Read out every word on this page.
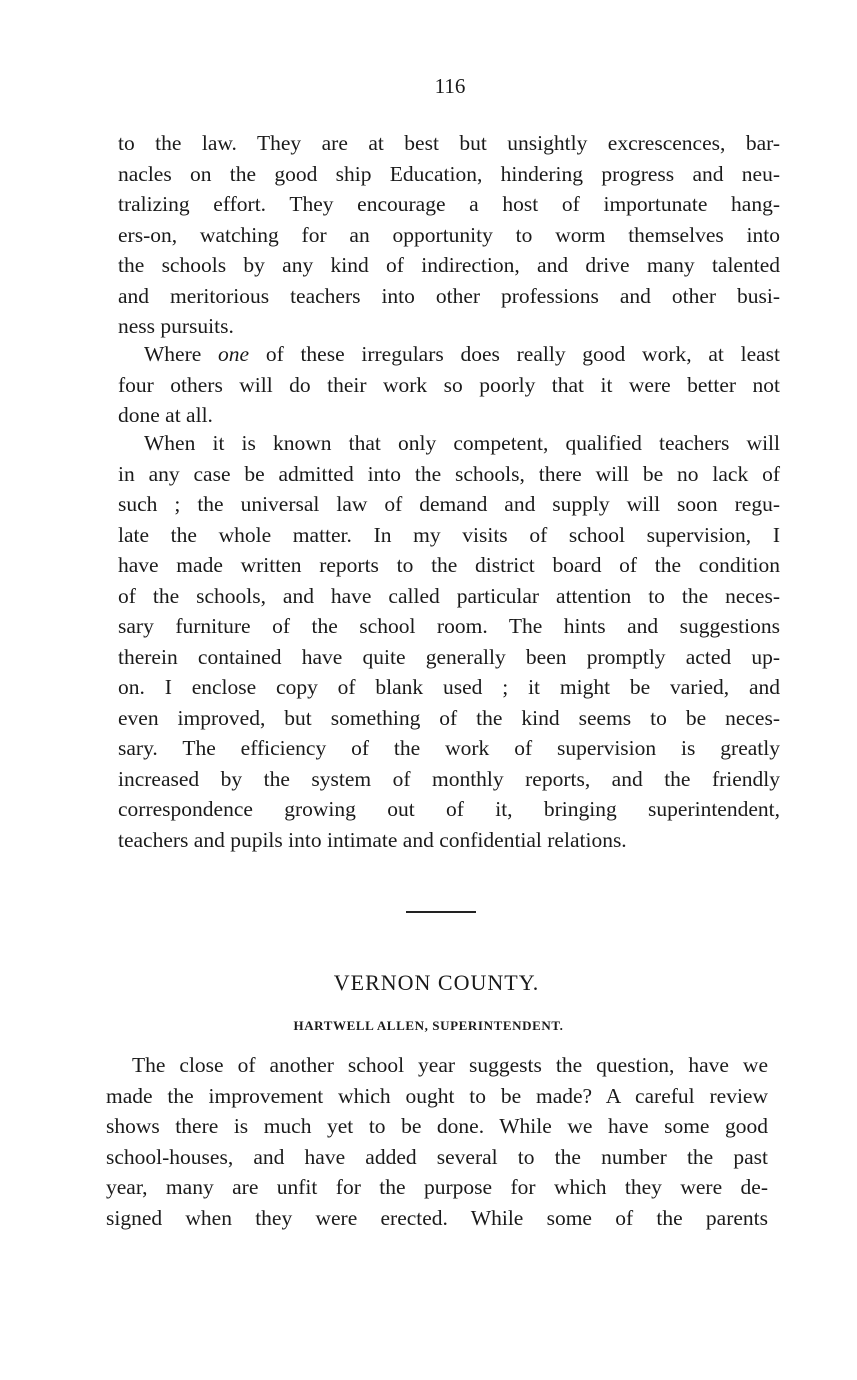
116
to the law. They are at best but unsightly excrescences, bar-
nacles on the good ship Education, hindering progress and neu-
tralizing effort. They encourage a host of importunate hang-
ers-on, watching for an opportunity to worm themselves into
the schools by any kind of indirection, and drive many talented
and meritorious teachers into other professions and other busi-
ness pursuits.
Where one of these irregulars does really good work, at least
four others will do their work so poorly that it were better not
done at all.
When it is known that only competent, qualified teachers will
in any case be admitted into the schools, there will be no lack of
such ; the universal law of demand and supply will soon regu-
late the whole matter. In my visits of school supervision, I
have made written reports to the district board of the condition
of the schools, and have called particular attention to the neces-
sary furniture of the school room. The hints and suggestions
therein contained have quite generally been promptly acted up-
on. I enclose copy of blank used ; it might be varied, and
even improved, but something of the kind seems to be neces-
sary. The efficiency of the work of supervision is greatly
increased by the system of monthly reports, and the friendly
correspondence growing out of it, bringing superintendent,
teachers and pupils into intimate and confidential relations.
VERNON COUNTY.
HARTWELL ALLEN, SUPERINTENDENT.
The close of another school year suggests the question, have we
made the improvement which ought to be made? A careful review
shows there is much yet to be done. While we have some good
school-houses, and have added several to the number the past
year, many are unfit for the purpose for which they were de-
signed when they were erected. While some of the parents
